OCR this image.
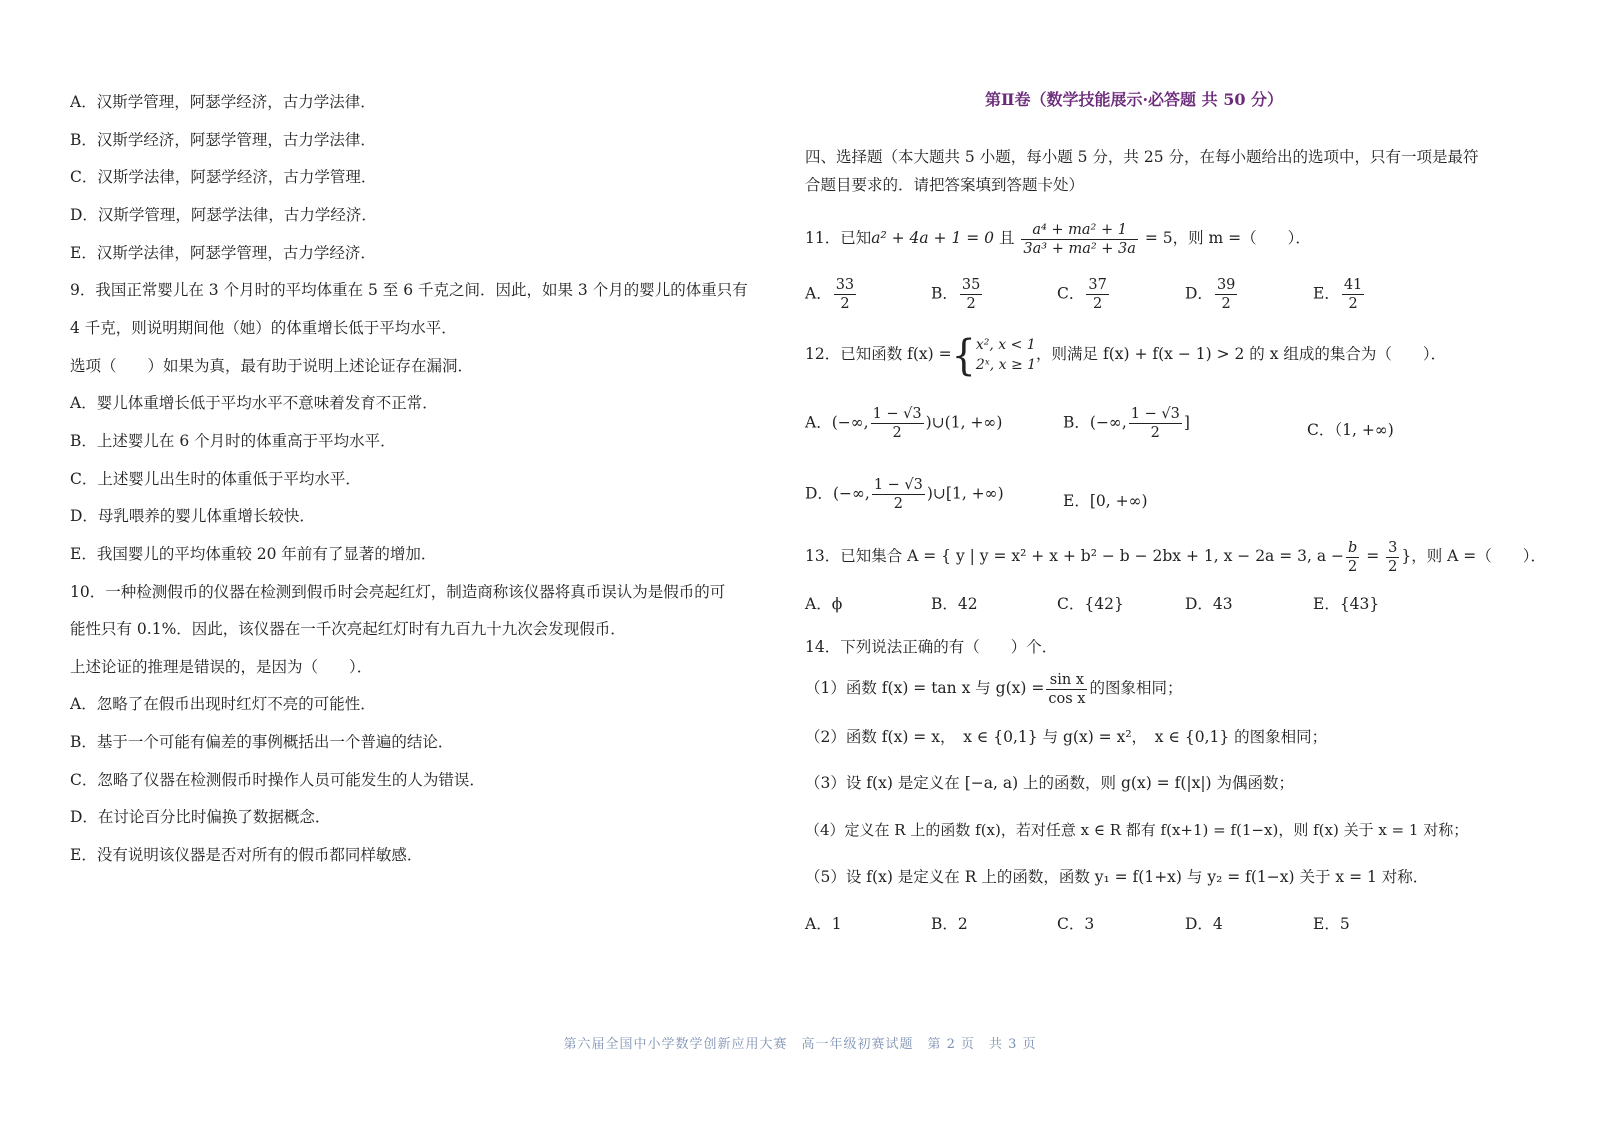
A．汉斯学管理，阿瑟学经济，古力学法律．
B．汉斯学经济，阿瑟学管理，古力学法律．
C．汉斯学法律，阿瑟学经济，古力学管理．
D．汉斯学管理，阿瑟学法律，古力学经济．
E．汉斯学法律，阿瑟学管理，古力学经济．
9．我国正常婴儿在 3 个月时的平均体重在 5 至 6 千克之间．因此，如果 3 个月的婴儿的体重只有
4 千克，则说明期间他（她）的体重增长低于平均水平．
选项（　　）如果为真，最有助于说明上述论证存在漏洞．
A．婴儿体重增长低于平均水平不意味着发育不正常．
B．上述婴儿在 6 个月时的体重高于平均水平．
C．上述婴儿出生时的体重低于平均水平．
D．母乳喂养的婴儿体重增长较快．
E．我国婴儿的平均体重较 20 年前有了显著的增加．
10．一种检测假币的仪器在检测到假币时会亮起红灯，制造商称该仪器将真币误认为是假币的可
能性只有 0.1%．因此，该仪器在一千次亮起红灯时有九百九十九次会发现假币．
上述论证的推理是错误的，是因为（　　）．
A．忽略了在假币出现时红灯不亮的可能性．
B．基于一个可能有偏差的事例概括出一个普遍的结论．
C．忽略了仪器在检测假币时操作人员可能发生的人为错误．
D．在讨论百分比时偏换了数据概念．
E．没有说明该仪器是否对所有的假币都同样敏感．
第Ⅱ卷（数学技能展示·必答题 共 50 分）
四、选择题（本大题共 5 小题，每小题 5 分，共 25 分，在每小题给出的选项中，只有一项是最符
合题目要求的．请把答案填到答题卡处）
11．已知a² + 4a + 1 = 0 且 $\frac{\text{a⁴ + ma² + 1}}{\text{3a³ + ma² + 3a}} = 5$，则 m =（　　）．
A． $\frac{33}{2}$	B． $\frac{35}{2}$	C． $\frac{37}{2}$	D． $\frac{39}{2}$	E． $\frac{41}{2}$
12．已知函数 f(x) ={ x², x < 1
2ˣ, x ≥ 1
，则满足 f(x) + f(x − 1) > 2 的 x 组成的集合为（　　）．
A．(−∞, $\frac{1 - √3}{2}$ )∪(1, +∞)	B．(−∞, $\frac{1 - √3}{2}$ ]	C．（1, +∞)
D．(−∞, $\frac{1 - √3}{2}$ )∪[1, +∞)	E．[0, +∞)
13．已知集合 A = { y | y = x² + x + b² − b − 2bx + 1, x − 2a = 3, $a - \frac{b}{2} = \frac{3}{2}$ }，则 A =（　　）．
A．ϕ	B．42	C．{42}	D．43	E．{43}
14．下列说法正确的有（　　）个．
（1）函数 f(x) = tan x 与 $g(x) = \frac{\text{sin x}}{\text{cos x}}$ 的图象相同；
（2）函数 f(x) = x，　x ∈ {0,1} 与 g(x) = x²，　x ∈ {0,1} 的图象相同；
（3）设 f(x) 是定义在 [−a, a) 上的函数，则 g(x) = f(|x|) 为偶函数；
（4）定义在 R 上的函数 f(x)，若对任意 x ∈ R 都有 f(x+1) = f(1−x)，则 f(x) 关于 x = 1 对称；
（5）设 f(x) 是定义在 R 上的函数，函数 y₁ = f(1+x) 与 y₂ = f(1−x) 关于 x = 1 对称．
A．1	B．2	C．3	D．4	E．5
第六届全国中小学数学创新应用大赛　高一年级初赛试题　第 2 页　共 3 页
